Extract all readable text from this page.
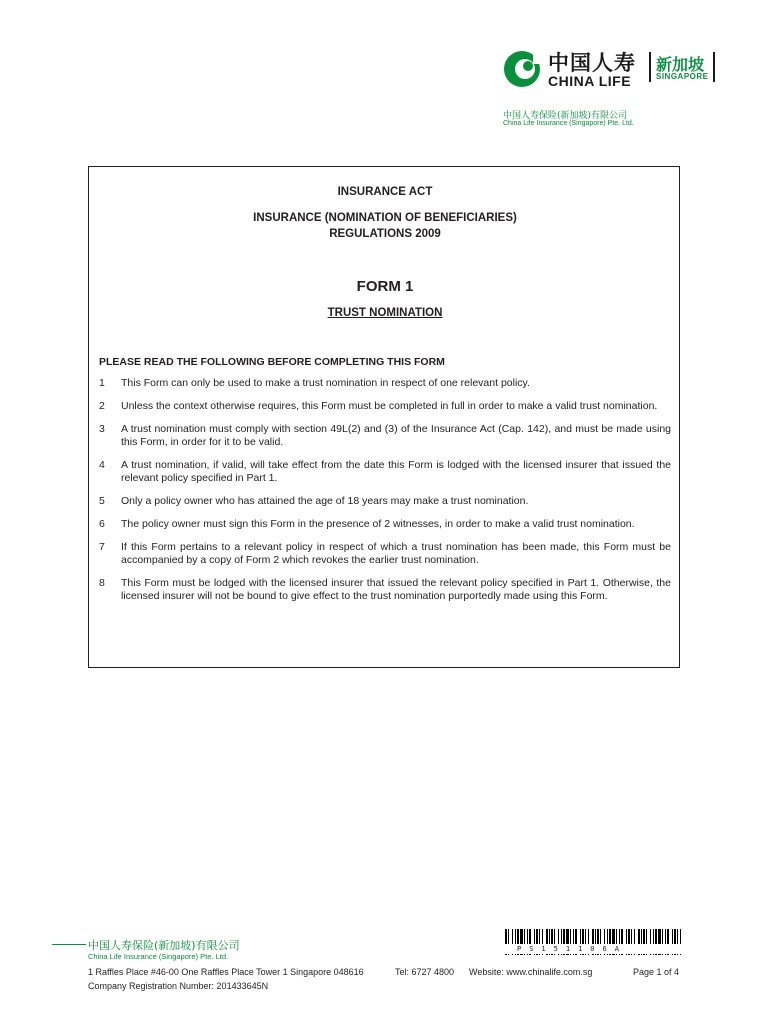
中国人寿
CHINA LIFE
新加坡
SINGAPORE
中国人寿保险(新加坡)有限公司
China Life Insurance (Singapore) Pte. Ltd.
INSURANCE ACT
INSURANCE (NOMINATION OF BENEFICIARIES)
REGULATIONS 2009
FORM 1
TRUST NOMINATION
PLEASE READ THE FOLLOWING BEFORE COMPLETING THIS FORM
1 This Form can only be used to make a trust nomination in respect of one relevant policy.
2 Unless the context otherwise requires, this Form must be completed in full in order to make a valid trust nomination.
3 A trust nomination must comply with section 49L(2) and (3) of the Insurance Act (Cap. 142), and must be made using this Form, in order for it to be valid.
4 A trust nomination, if valid, will take effect from the date this Form is lodged with the licensed insurer that issued the relevant policy specified in Part 1.
5 Only a policy owner who has attained the age of 18 years may make a trust nomination.
6 The policy owner must sign this Form in the presence of 2 witnesses, in order to make a valid trust nomination.
7 If this Form pertains to a relevant policy in respect of which a trust nomination has been made, this Form must be accompanied by a copy of Form 2 which revokes the earlier trust nomination.
8 This Form must be lodged with the licensed insurer that issued the relevant policy specified in Part 1. Otherwise, the licensed insurer will not be bound to give effect to the trust nomination purportedly made using this Form.
中国人寿保险(新加坡)有限公司
China Life Insurance (Singapore) Pte. Ltd.
PS151106A
1 Raffles Place #46-00 One Raffles Place Tower 1 Singapore 048616	Tel: 6727 4800 Website: www.chinalife.com.sg	Page 1 of 4
Company Registration Number: 201433645N
